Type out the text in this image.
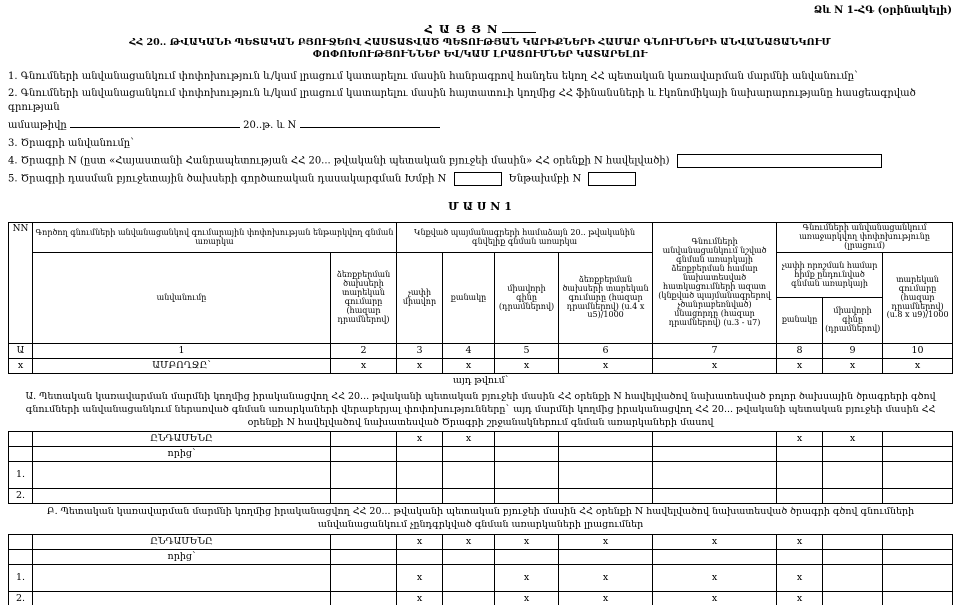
Ձև N 1-ՀԳ (օրինակելի)
Հ Ա Յ Ց N
ՀՀ 20.. ԹՎԱԿԱՆԻ ՊԵՏԱԿԱՆ ԲՅՈՒՋԵՈՎ ՀԱՍՏԱՏՎԱԾ ՊԵՏՈՒԹՅԱՆ ԿԱՐԻՔՆԵՐԻ ՀԱՄԱՐ ԳՆՈՒՄՆԵՐԻ ԱՆՎԱՆԱՑԱՆԿՈՒՄ
ՓՈՓՈԽՈՒԹՅՈՒՆՆԵՐ ԵՎ/ԿԱՄ ԼՐԱՑՈՒՄՆԵՐ ԿԱՏԱՐԵԼՈՒ
1. Գնումների անվանացանկում փոփոխություն և/կամ լրացում կատարելու մասին հանրագրով հանդես եկող ՀՀ պետական կառավարման մարմնի անվանումը՝
2. Գնումների անվանացանկում փոփոխություն և/կամ լրացում կատարելու մասին հայտատուի կողմից ՀՀ ֆինանսների և էկոնոմիկայի նախարարությանը հասցեագրված գրության
ամսաթիվը	20..թ. և N
3. Ծրագրի անվանումը՝
4. Ծրագրի N (ըստ «Հայաստանի Հանրապետության ՀՀ 20... թվականի պետական բյուջեի մասին» ՀՀ օրենքի N հավելվածի)
5. Ծրագրի դասման բյուջետային ծախսերի գործառական դասակարգման Խմբի N	Ենթախմբի N
Մ Ա Ս N 1
NN	Գործող գնումների անվանացանկով գումարային փոփոխության ենթարկվող գնման առարկա		Կնքված պայմանագրերի համաձայն 20.. թվականին գնվելիք գնման առարկա				Գնումների անվանացանկում նշված գնման առարկայի ձեռքբերման համար նախատեսված հատկացումների ազատ (կնքված պայմանագրերով չծանրաբեռնված) մնացորդը (հազար դրամներով) (ս.3 - ս7)	Գնումների անվանացանկում առաջարկվող փոփոխությունը (լրացում)		
	անվանումը	ձեռքբերման ծախսերի տարեկան գումարը (հազար դրամներով)	չափի միավոր	քանակը	միավորի գինը (դրամներով)	ձեռքբերման ծախսերի տարեկան գումարը (հազար դրամներով) (ս.4 x ս5)/1000		չափի որոշման համար հիմք ընդունված գնման առարկայի		տարեկան գումարը (հազար դրամներով) (ս.8 x ս9)/1000
								քանակը	միավորի գինը (դրամներով)	
Ա	1	2	3	4	5	6	7	8	9	10
x	ԱՄԲՈՂՋԸ՝	x	x	x	x	x	x	x	x	x
այդ թվում՝										
Ա. Պետական կառավարման մարմնի կողմից իրականացվող ՀՀ 20... թվականի պետական բյուջեի մասին ՀՀ օրենքի N հավելվածով նախատեսված բոլոր ծախսային ծրագրերի գծով գնումների անվանացանկում ներառված գնման առարկաների վերաբերյալ փոփոխությունները` այդ մարմնի կողմից իրականացվող ՀՀ 20... թվականի պետական բյուջեի մասին ՀՀ օրենքի N հավելվածով նախատեսված Ծրագրի շրջանակներում գնման առարկաների մասով										
	ԸՆԴԱՄԵՆԸ		x	x				x	x	
	որից՝									
1.										
2.										
Բ. Պետական կառավարման մարմնի կողմից իրականացվող ՀՀ 20... թվականի պետական բյուջեի մասին ՀՀ օրենքի N հավելվածով նախատեսված ծրագրի գծով գնումների անվանացանկում չընդգրկված գնման առարկաների լրացումներ										
	ԸՆԴԱՄԵՆԸ		x	x	x	x	x	x		
	որից՝									
1.			x		x	x	x	x		
2.			x		x	x	x	x		
